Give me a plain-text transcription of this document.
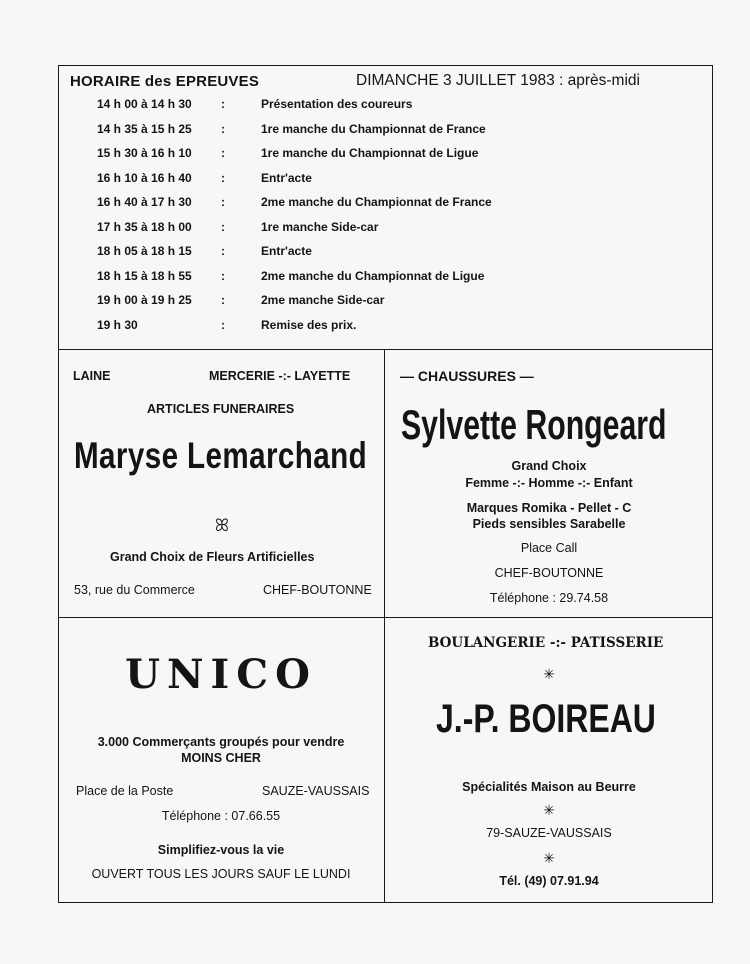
HORAIRE des EPREUVES	DIMANCHE 3 JUILLET 1983 : après-midi
14 h 00 à 14 h 30 :	Présentation des coureurs
14 h 35 à 15 h 25 :	1re manche du Championnat de France
15 h 30 à 16 h 10 :	1re manche du Championnat de Ligue
16 h 10 à 16 h 40 :	Entr'acte
16 h 40 à 17 h 30 :	2me manche du Championnat de France
17 h 35 à 18 h 00 :	1re manche Side-car
18 h 05 à 18 h 15 :	Entr'acte
18 h 15 à 18 h 55 :	2me manche du Championnat de Ligue
19 h 00 à 19 h 25 :	2me manche Side-car
19 h 30	:	Remise des prix.
LAINE	MERCERIE -:- LAYETTE
ARTICLES FUNERAIRES
Maryse Lemarchand
ꕤ
Grand Choix de Fleurs Artificielles
53, rue du Commerce	CHEF-BOUTONNE
— CHAUSSURES —
Sylvette Rongeard
Grand Choix
Femme -:- Homme -:- Enfant
Marques Romika - Pellet - C
Pieds sensibles Sarabelle
Place Call
CHEF-BOUTONNE
Téléphone : 29.74.58
UNICO
3.000 Commerçants groupés pour vendre
MOINS CHER
Place de la Poste	SAUZE-VAUSSAIS
Téléphone : 07.66.55
Simplifiez-vous la vie
OUVERT TOUS LES JOURS SAUF LE LUNDI
BOULANGERIE -:- PATISSERIE
✳
J.-P. BOIREAU
Spécialités Maison au Beurre
✳
79-SAUZE-VAUSSAIS
✳
Tél. (49) 07.91.94
